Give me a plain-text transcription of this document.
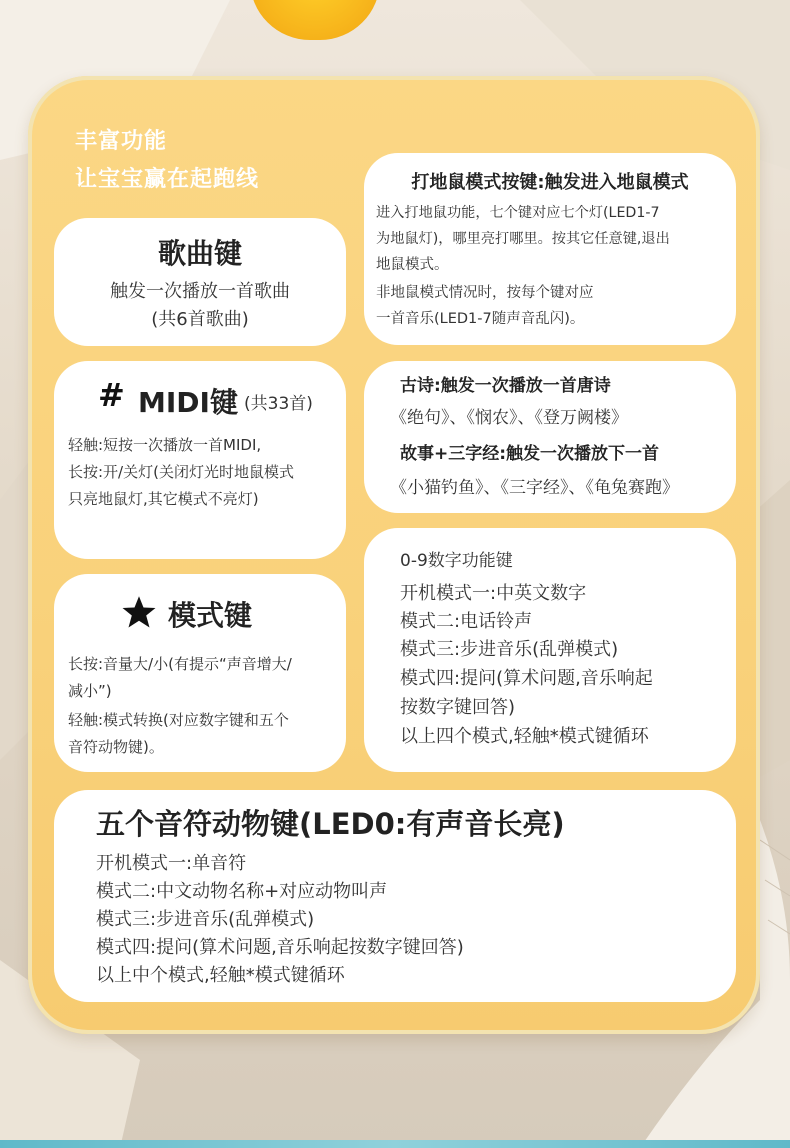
丰富功能
让宝宝赢在起跑线
歌曲键
触发一次播放一首歌曲
(共6首歌曲)
# MIDI键 (共33首)
轻触:短按一次播放一首MIDI,
长按:开/关灯(关闭灯光时地鼠模式
只亮地鼠灯,其它模式不亮灯)
模式键
长按:音量大/小(有提示“声音增大/
减小”)
轻触:模式转换(对应数字键和五个
音符动物键)。
打地鼠模式按键:触发进入地鼠模式
进入打地鼠功能，七个键对应七个灯(LED1-7
为地鼠灯)，哪里亮打哪里。按其它任意键,退出
地鼠模式。
非地鼠模式情况时，按每个键对应
一首音乐(LED1-7随声音乱闪)。
古诗:触发一次播放一首唐诗
《绝句》、《悯农》、《登万阙楼》
故事+三字经:触发一次播放下一首
《小猫钓鱼》、《三字经》、《龟兔赛跑》
0-9数字功能键
开机模式一:中英文数字
模式二:电话铃声
模式三:步进音乐(乱弹模式)
模式四:提问(算术问题,音乐响起
按数字键回答)
以上四个模式,轻触*模式键循环
五个音符动物键(LED0:有声音长亮)
开机模式一:单音符
模式二:中文动物名称+对应动物叫声
模式三:步进音乐(乱弹模式)
模式四:提问(算术问题,音乐响起按数字键回答)
以上中个模式,轻触*模式键循环
